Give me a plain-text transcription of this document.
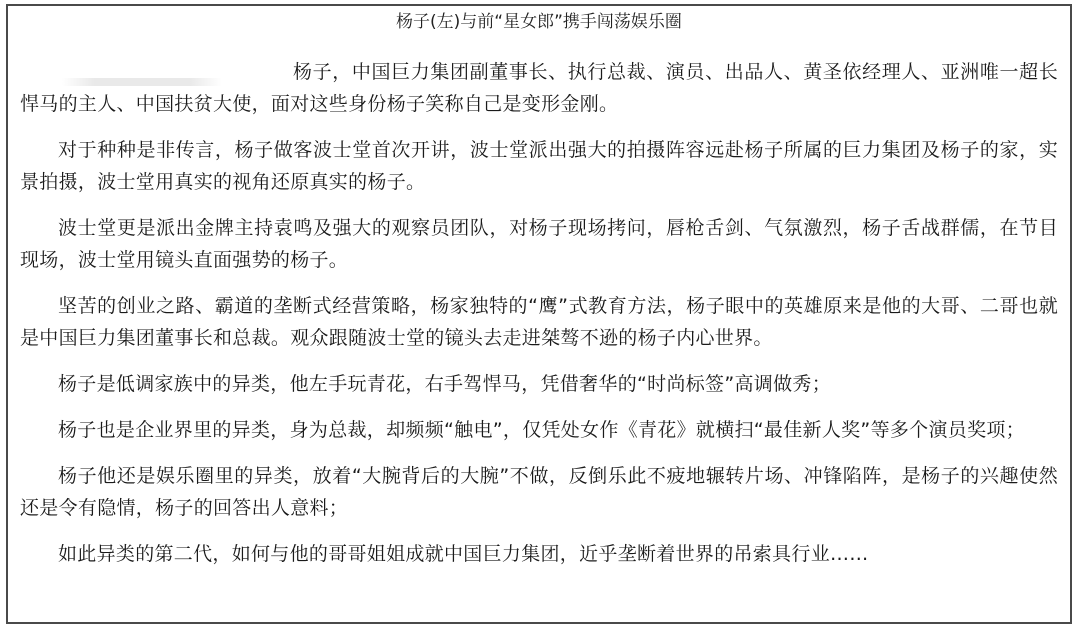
杨子(左)与前“星女郎”携手闯荡娱乐圈

杨子，中国巨力集团副董事长、执行总裁、演员、出品人、黄圣依经理人、亚洲唯一超长悍马的主人、中国扶贫大使，面对这些身份杨子笑称自己是变形金刚。

对于种种是非传言，杨子做客波士堂首次开讲，波士堂派出强大的拍摄阵容远赴杨子所属的巨力集团及杨子的家，实景拍摄，波士堂用真实的视角还原真实的杨子。

波士堂更是派出金牌主持袁鸣及强大的观察员团队，对杨子现场拷问，唇枪舌剑、气氛激烈，杨子舌战群儒，在节目现场，波士堂用镜头直面强势的杨子。

坚苦的创业之路、霸道的垄断式经营策略，杨家独特的“鹰”式教育方法，杨子眼中的英雄原来是他的大哥、二哥也就是中国巨力集团董事长和总裁。观众跟随波士堂的镜头去走进桀骜不逊的杨子内心世界。

杨子是低调家族中的异类，他左手玩青花，右手驾悍马，凭借奢华的“时尚标签”高调做秀；

杨子也是企业界里的异类，身为总裁，却频频“触电”，仅凭处女作《青花》就横扫“最佳新人奖”等多个演员奖项；

杨子他还是娱乐圈里的异类，放着“大腕背后的大腕”不做，反倒乐此不疲地辗转片场、冲锋陷阵，是杨子的兴趣使然还是令有隐情，杨子的回答出人意料；

如此异类的第二代，如何与他的哥哥姐姐成就中国巨力集团，近乎垄断着世界的吊索具行业……
